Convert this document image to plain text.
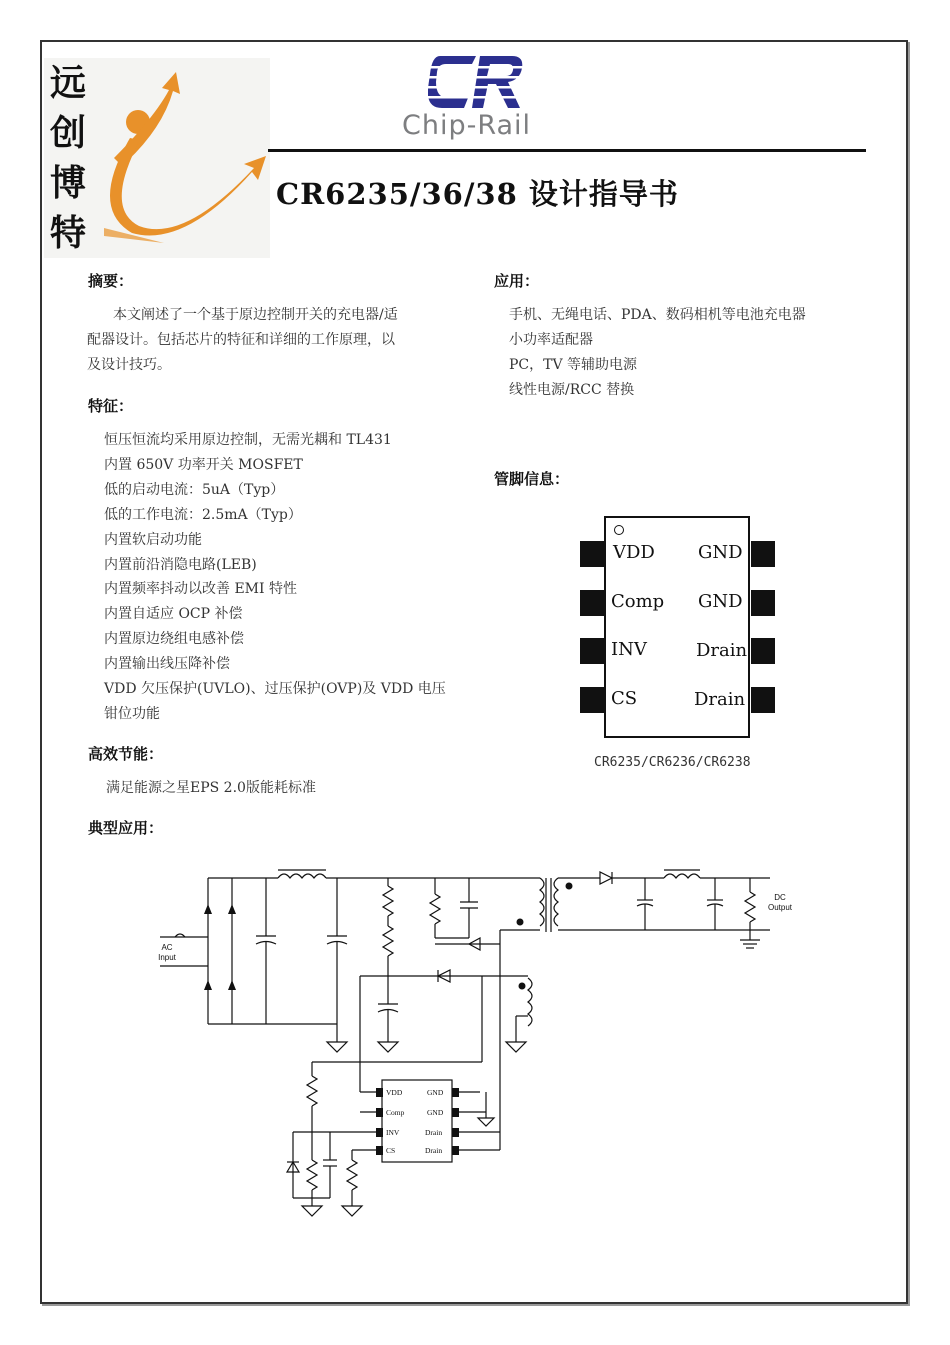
远
创
博
特
Chip-Rail
CR6235/36/38 设计指导书
摘要：
本文阐述了一个基于原边控制开关的充电器/适
配器设计。包括芯片的特征和详细的工作原理，以
及设计技巧。
特征：
恒压恒流均采用原边控制，无需光耦和 TL431
内置 650V 功率开关 MOSFET
低的启动电流：5uA（Typ）
低的工作电流：2.5mA（Typ）
内置软启动功能
内置前沿消隐电路(LEB)
内置频率抖动以改善 EMI 特性
内置自适应 OCP 补偿
内置原边绕组电感补偿
内置输出线压降补偿
VDD 欠压保护(UVLO)、过压保护(OVP)及 VDD 电压
钳位功能
高效节能：
满足能源之星EPS 2.0版能耗标准
典型应用：
应用：
手机、无绳电话、PDA、数码相机等电池充电器
小功率适配器
PC，TV 等辅助电源
线性电源/RCC 替换
管脚信息：
VDD
Comp
INV
CS
GND
GND
Drain
Drain
CR6235/CR6236/CR6238
AC
Input
DC
Output
VDD
Comp
INV
CS
GND
GND
Drain
Drain
